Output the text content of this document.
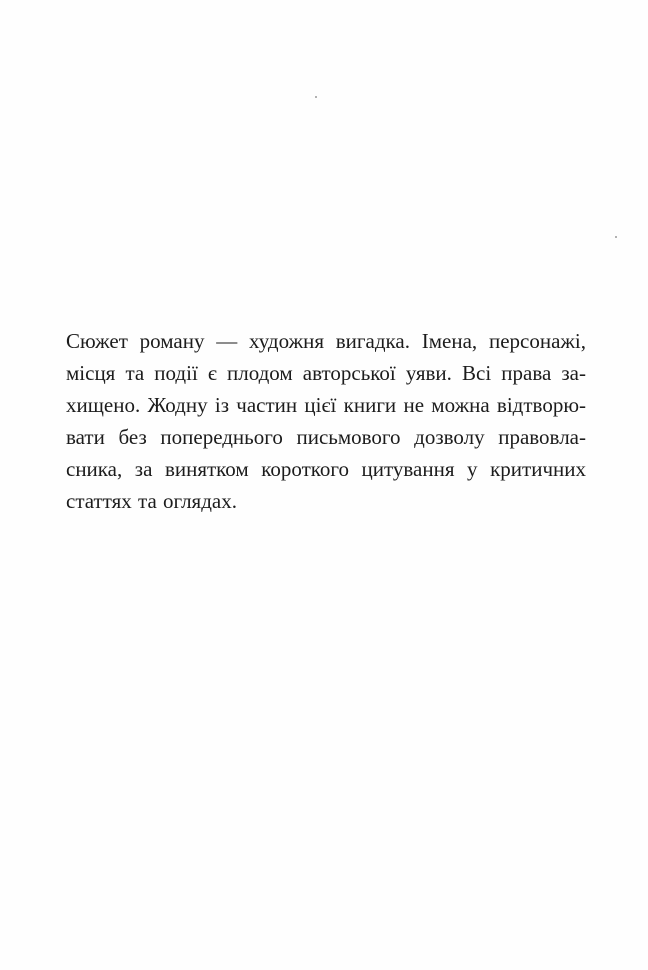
Сюжет роману — художня вигадка. Імена, персонажі,
місця та події є плодом авторської уяви. Всі права за-
хищено. Жодну із частин цієї книги не можна відтворю-
вати без попереднього письмового дозволу правовла-
сника, за винятком короткого цитування у критичних
статтях та оглядах.
